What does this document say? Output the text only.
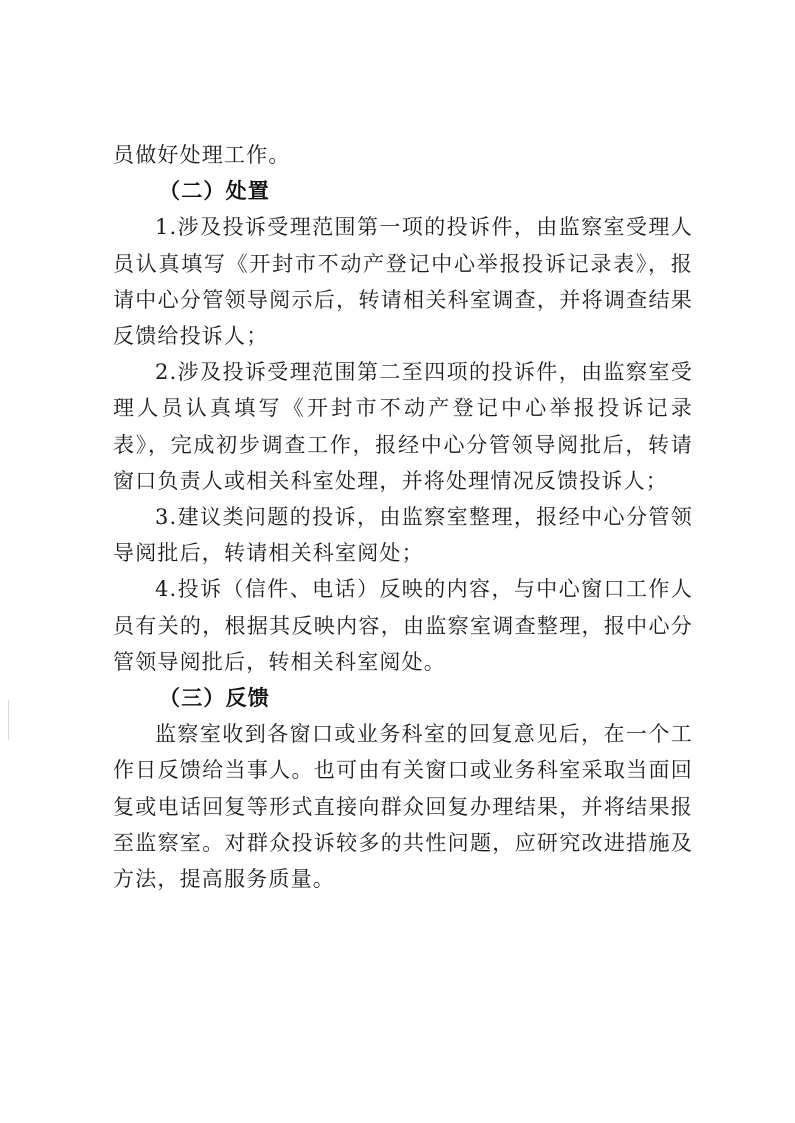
员做好处理工作。

（二）处置

1.涉及投诉受理范围第一项的投诉件，由监察室受理人员认真填写《开封市不动产登记中心举报投诉记录表》，报请中心分管领导阅示后，转请相关科室调查，并将调查结果反馈给投诉人；

2.涉及投诉受理范围第二至四项的投诉件，由监察室受理人员认真填写《开封市不动产登记中心举报投诉记录表》，完成初步调查工作，报经中心分管领导阅批后，转请窗口负责人或相关科室处理，并将处理情况反馈投诉人；

3.建议类问题的投诉，由监察室整理，报经中心分管领导阅批后，转请相关科室阅处；

4.投诉（信件、电话）反映的内容，与中心窗口工作人员有关的，根据其反映内容，由监察室调查整理，报中心分管领导阅批后，转相关科室阅处。

（三）反馈

监察室收到各窗口或业务科室的回复意见后，在一个工作日反馈给当事人。也可由有关窗口或业务科室采取当面回复或电话回复等形式直接向群众回复办理结果，并将结果报至监察室。对群众投诉较多的共性问题，应研究改进措施及方法，提高服务质量。
